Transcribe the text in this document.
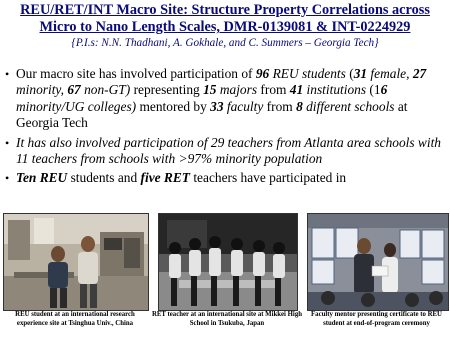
REU/RET/INT Macro Site: Structure Property Correlations across
Micro to Nano Length Scales, DMR-0139081 & INT-0224929
{P.I.s: N.N. Thadhani, A. Gokhale, and C. Summers – Georgia Tech}
• Our macro site has involved participation of 96 REU students (31 female, 27 minority, 67 non-GT) representing 15 majors from 41 institutions (16 minority/UG colleges) mentored by 33 faculty from 8 different schools at Georgia Tech
• It has also involved participation of 29 teachers from Atlanta area schools with 11 teachers from schools with >97% minority population
• Ten REU students and five RET teachers have participated in
REU student at an international research experience site at Tsinghua Univ., China
RET teacher at an international site at Mikkei High School in Tsukuba, Japan
Faculty mentor presenting certificate to REU student at end-of-program ceremony
